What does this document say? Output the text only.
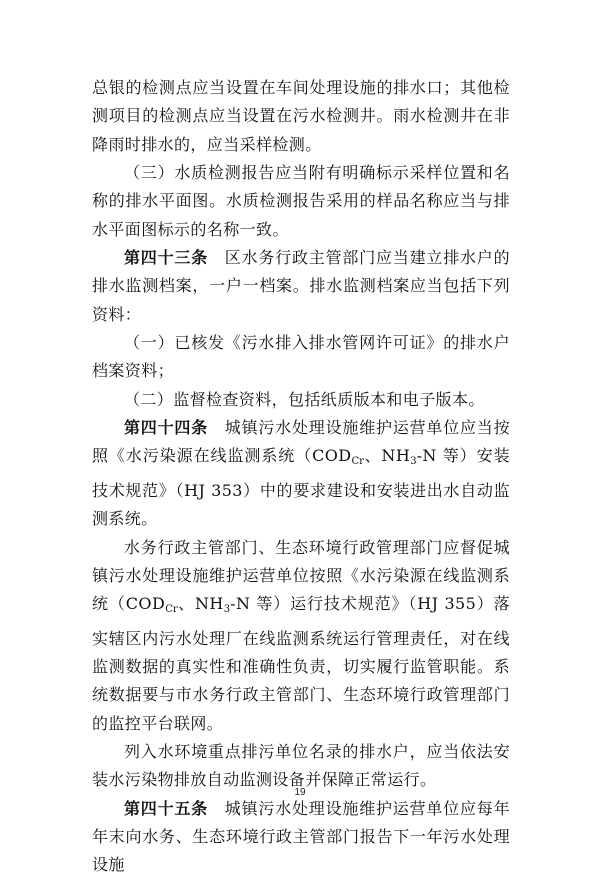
总银的检测点应当设置在车间处理设施的排水口；其他检测项目的检测点应当设置在污水检测井。雨水检测井在非降雨时排水的，应当采样检测。

（三）水质检测报告应当附有明确标示采样位置和名称的排水平面图。水质检测报告采用的样品名称应当与排水平面图标示的名称一致。

第四十三条　区水务行政主管部门应当建立排水户的排水监测档案，一户一档案。排水监测档案应当包括下列资料：

（一）已核发《污水排入排水管网许可证》的排水户档案资料；

（二）监督检查资料，包括纸质版本和电子版本。

第四十四条　城镇污水处理设施维护运营单位应当按照《水污染源在线监测系统（$COD_{Cr}$、$NH_3-N$ 等）安装技术规范》（HJ 353）中的要求建设和安装进出水自动监测系统。

水务行政主管部门、生态环境行政管理部门应督促城镇污水处理设施维护运营单位按照《水污染源在线监测系统（$COD_{Cr}$、$NH_3-N$ 等）运行技术规范》（HJ 355）落实辖区内污水处理厂在线监测系统运行管理责任，对在线监测数据的真实性和准确性负责，切实履行监管职能。系统数据要与市水务行政主管部门、生态环境行政管理部门的监控平台联网。

列入水环境重点排污单位名录的排水户，应当依法安装水污染物排放自动监测设备并保障正常运行。

第四十五条　城镇污水处理设施维护运营单位应每年年末向水务、生态环境行政主管部门报告下一年污水处理设施

19
